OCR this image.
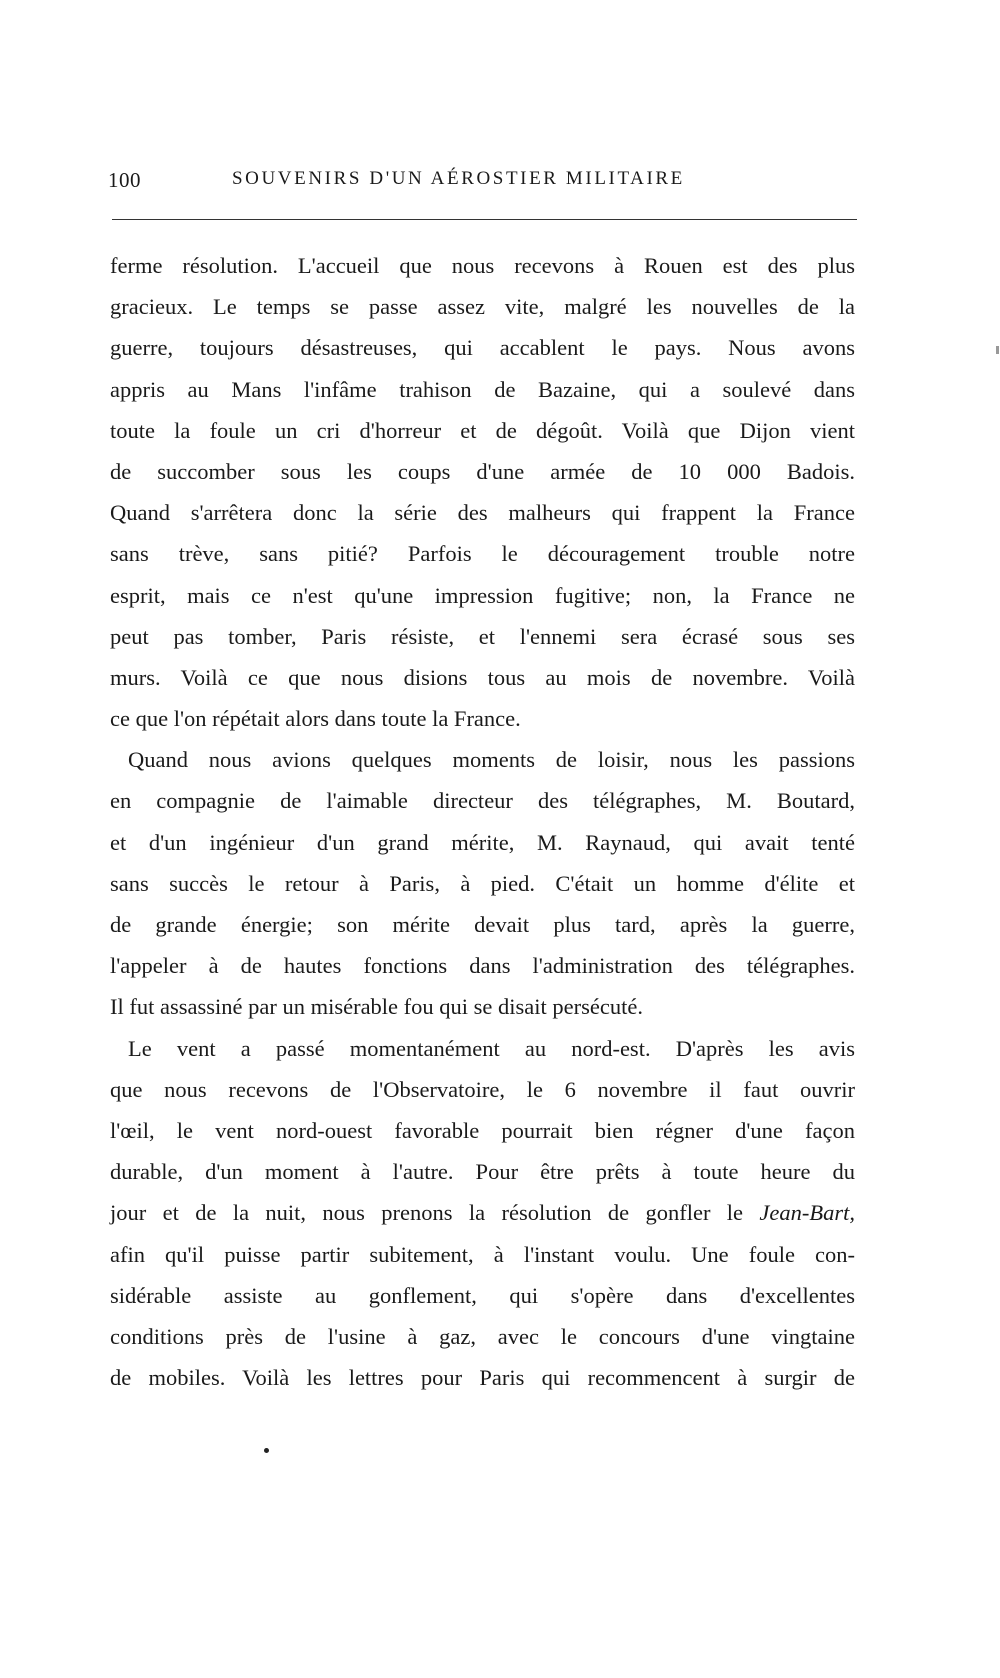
100	SOUVENIRS D'UN AÉROSTIER MILITAIRE
ferme résolution. L'accueil que nous recevons à Rouen est des plus
gracieux. Le temps se passe assez vite, malgré les nouvelles de la
guerre, toujours désastreuses, qui accablent le pays. Nous avons
appris au Mans l'infâme trahison de Bazaine, qui a soulevé dans
toute la foule un cri d'horreur et de dégoût. Voilà que Dijon vient
de succomber sous les coups d'une armée de 10 000 Badois.
Quand s'arrêtera donc la série des malheurs qui frappent la France
sans trève, sans pitié? Parfois le découragement trouble notre
esprit, mais ce n'est qu'une impression fugitive; non, la France ne
peut pas tomber, Paris résiste, et l'ennemi sera écrasé sous ses
murs. Voilà ce que nous disions tous au mois de novembre. Voilà
ce que l'on répétait alors dans toute la France.
Quand nous avions quelques moments de loisir, nous les passions
en compagnie de l'aimable directeur des télégraphes, M. Boutard,
et d'un ingénieur d'un grand mérite, M. Raynaud, qui avait tenté
sans succès le retour à Paris, à pied. C'était un homme d'élite et
de grande énergie; son mérite devait plus tard, après la guerre,
l'appeler à de hautes fonctions dans l'administration des télégraphes.
Il fut assassiné par un misérable fou qui se disait persécuté.
Le vent a passé momentanément au nord-est. D'après les avis
que nous recevons de l'Observatoire, le 6 novembre il faut ouvrir
l'œil, le vent nord-ouest favorable pourrait bien régner d'une façon
durable, d'un moment à l'autre. Pour être prêts à toute heure du
jour et de la nuit, nous prenons la résolution de gonfler le Jean-Bart,
afin qu'il puisse partir subitement, à l'instant voulu. Une foule con-
sidérable assiste au gonflement, qui s'opère dans d'excellentes
conditions près de l'usine à gaz, avec le concours d'une vingtaine
de mobiles. Voilà les lettres pour Paris qui recommencent à surgir de
